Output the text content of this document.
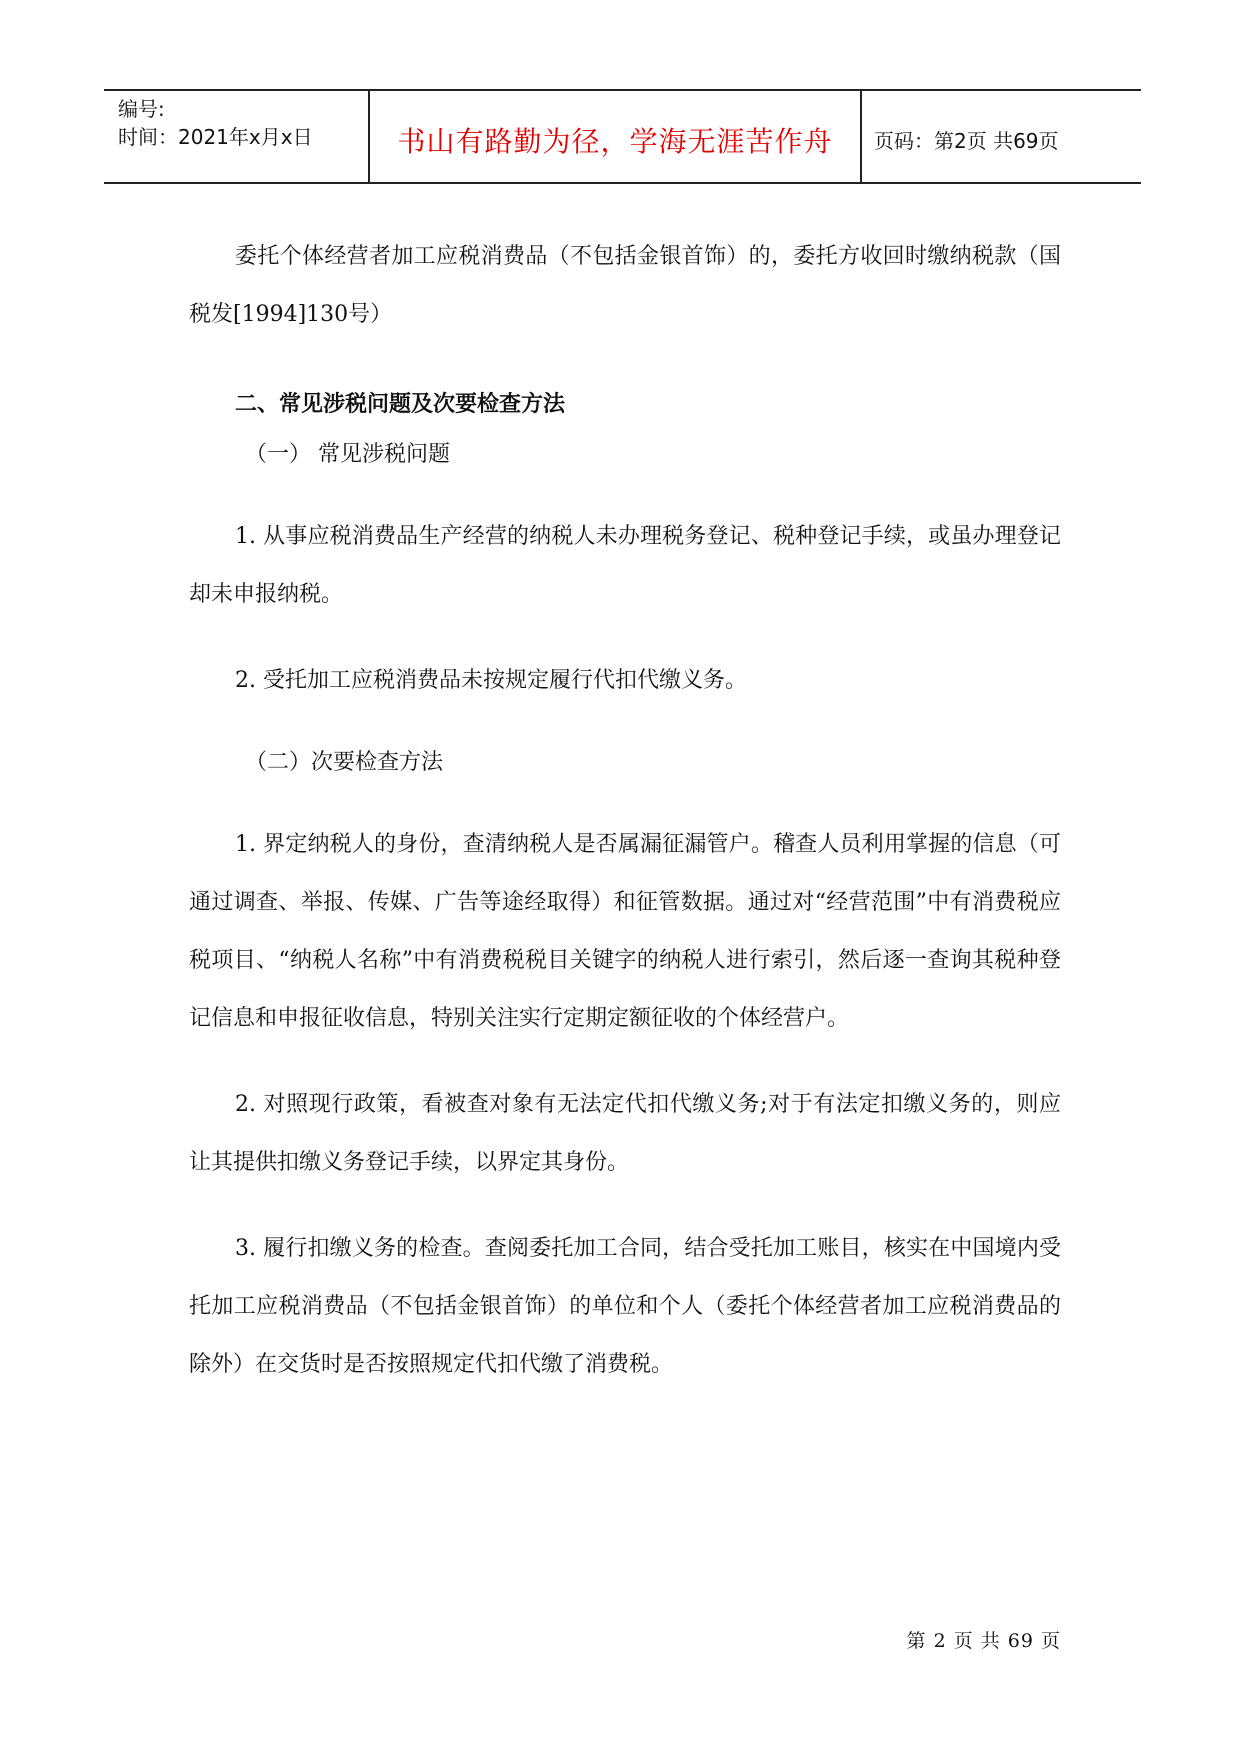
编号:
时间：2021年x月x日	书山有路勤为径，学海无涯苦作舟	页码：第2页 共69页

委托个体经营者加工应税消费品（不包括金银首饰）的，委托方收回时缴纳税款（国税发[1994]130号）

二、常见涉税问题及次要检查方法

（一） 常见涉税问题

1. 从事应税消费品生产经营的纳税人未办理税务登记、税种登记手续，或虽办理登记却未申报纳税。

2. 受托加工应税消费品未按规定履行代扣代缴义务。

（二）次要检查方法

1. 界定纳税人的身份，查清纳税人是否属漏征漏管户。稽查人员利用掌握的信息（可通过调查、举报、传媒、广告等途经取得）和征管数据。通过对“经营范围”中有消费税应税项目、“纳税人名称”中有消费税税目关键字的纳税人进行索引，然后逐一查询其税种登记信息和申报征收信息，特别关注实行定期定额征收的个体经营户。

2. 对照现行政策，看被查对象有无法定代扣代缴义务;对于有法定扣缴义务的，则应让其提供扣缴义务登记手续，以界定其身份。

3. 履行扣缴义务的检查。查阅委托加工合同，结合受托加工账目，核实在中国境内受托加工应税消费品（不包括金银首饰）的单位和个人（委托个体经营者加工应税消费品的除外）在交货时是否按照规定代扣代缴了消费税。

第 2 页 共 69 页
